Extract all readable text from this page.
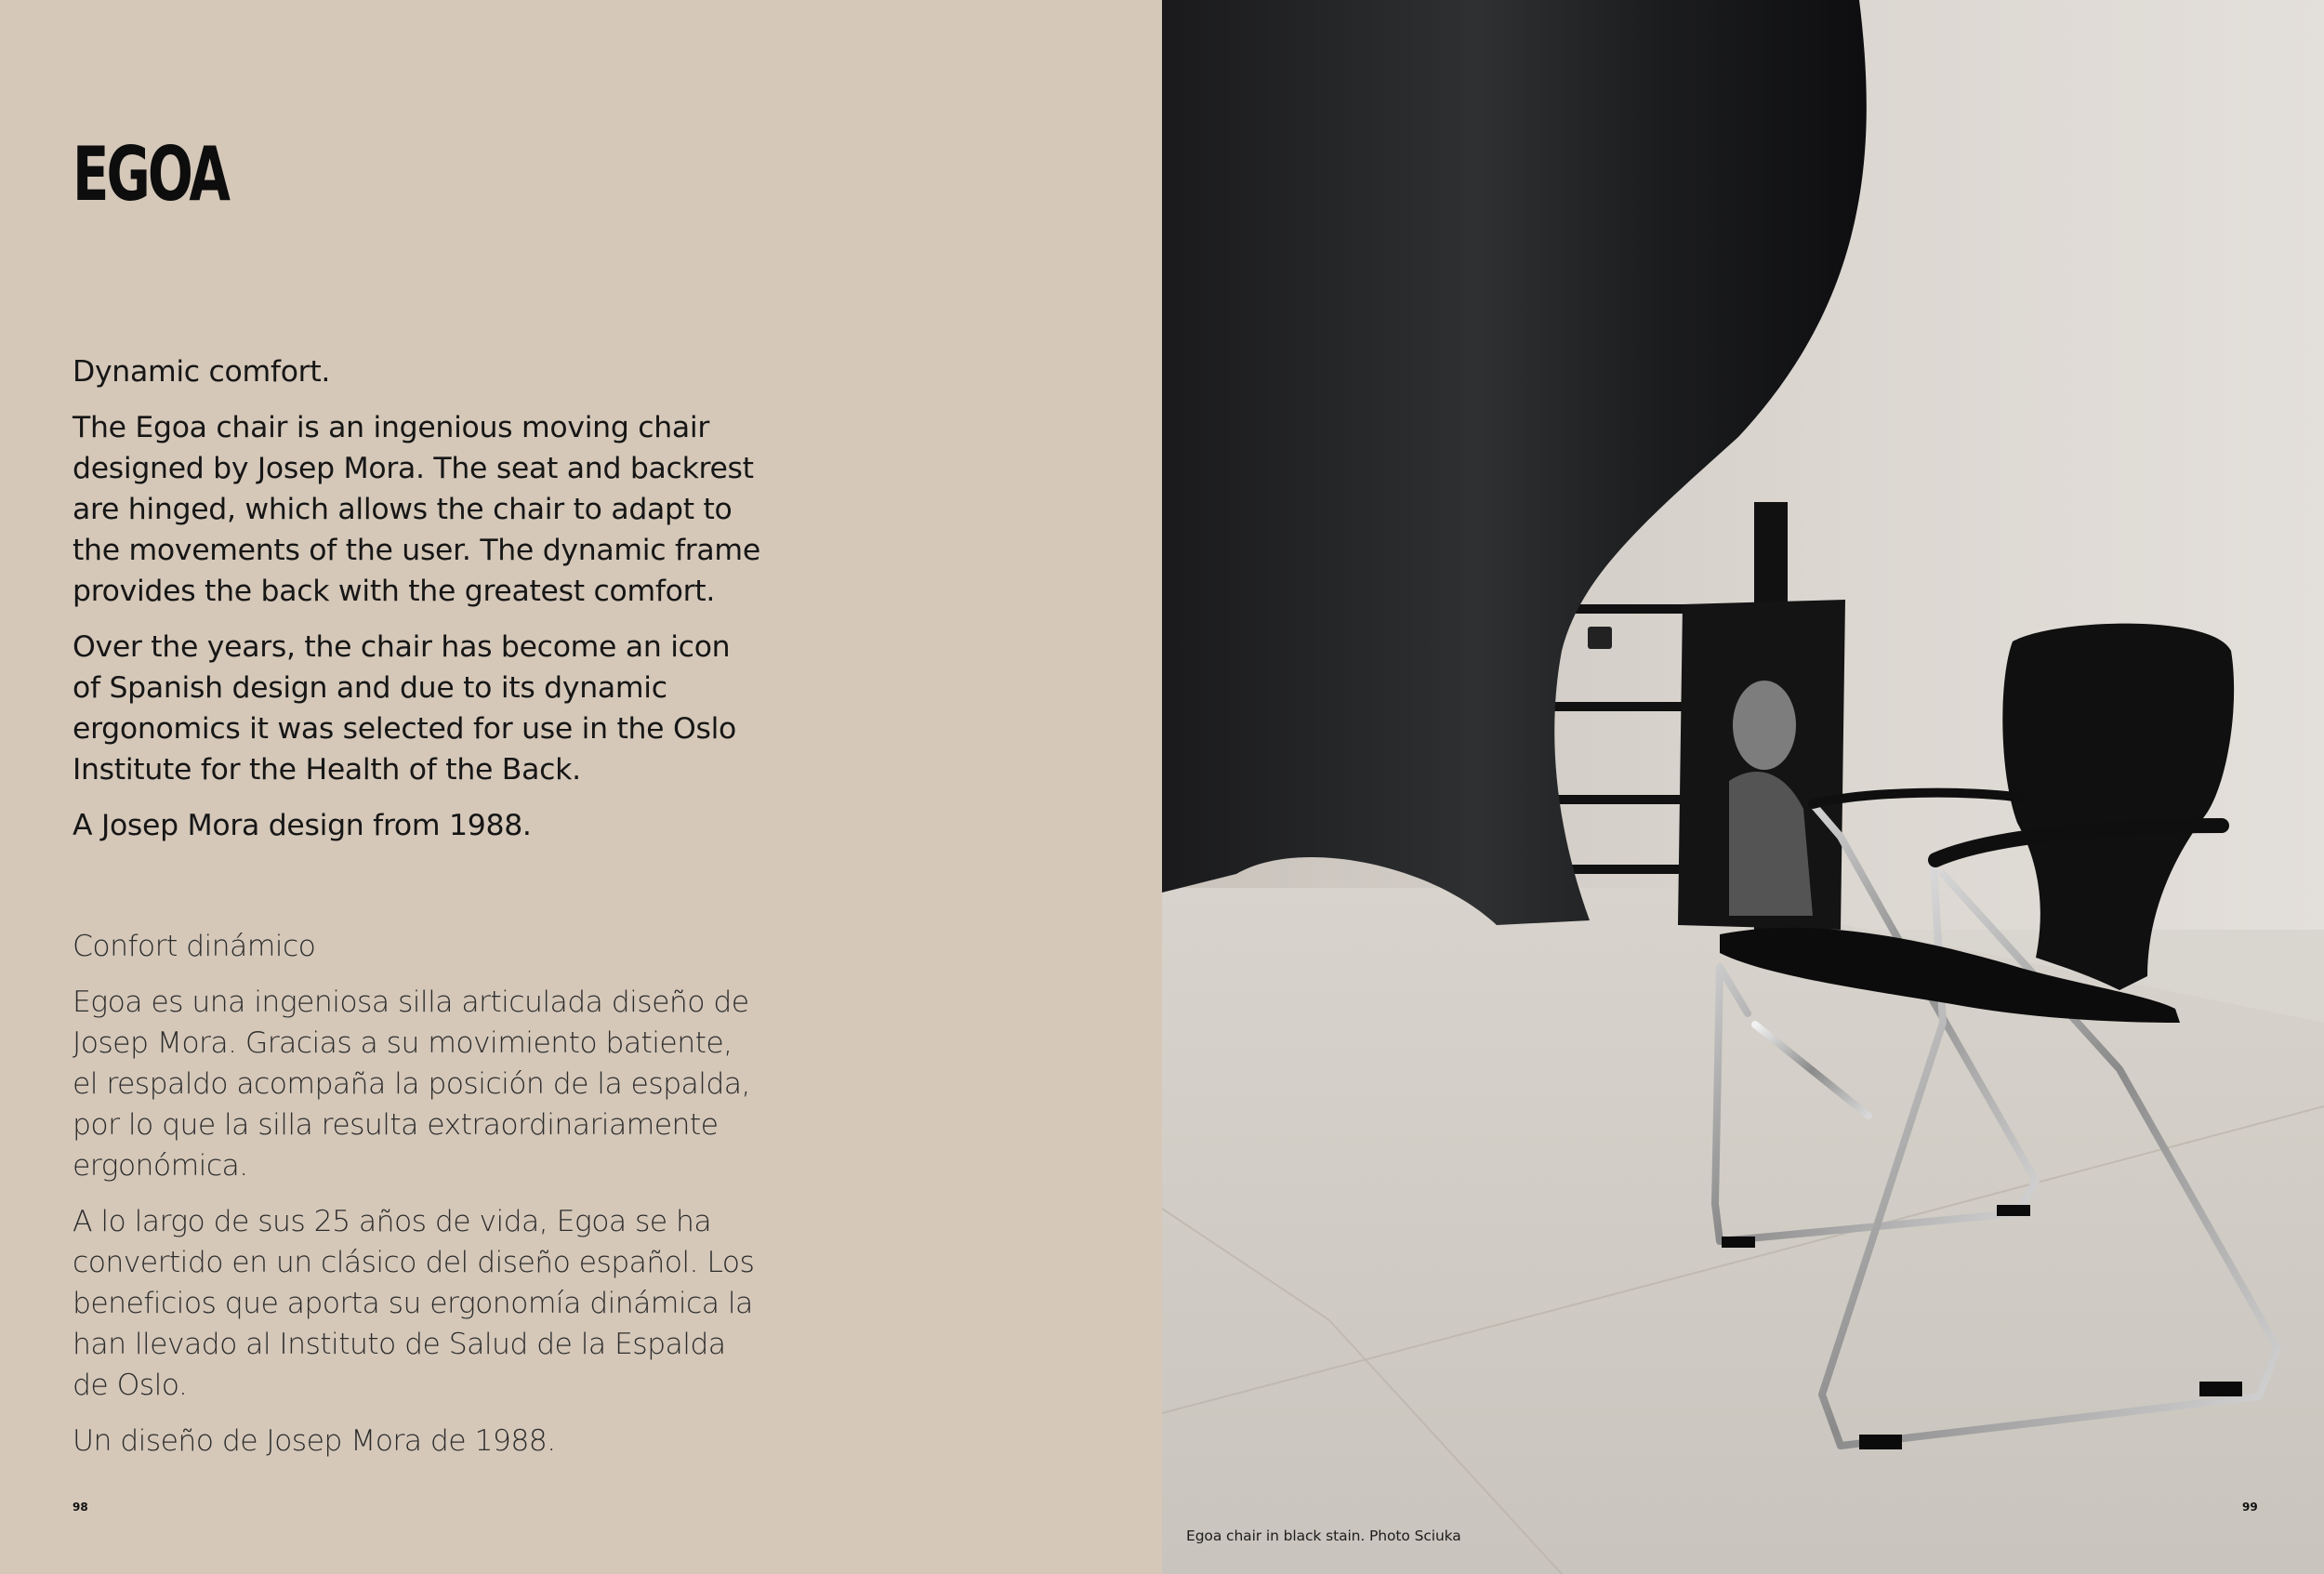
EGOA

Dynamic comfort.

The Egoa chair is an ingenious moving chair designed by Josep Mora. The seat and backrest are hinged, which allows the chair to adapt to the movements of the user. The dynamic frame provides the back with the greatest comfort.

Over the years, the chair has become an icon of Spanish design and due to its dynamic ergonomics it was selected for use in the Oslo Institute for the Health of the Back.

A Josep Mora design from 1988.

Confort dinámico

Egoa es una ingeniosa silla articulada diseño de Josep Mora. Gracias a su movimiento batiente, el respaldo acompaña la posición de la espalda, por lo que la silla resulta extraordinariamente ergonómica.

A lo largo de sus 25 años de vida, Egoa se ha convertido en un clásico del diseño español. Los beneficios que aporta su ergonomía dinámica la han llevado al Instituto de Salud de la Espalda de Oslo.

Un diseño de Josep Mora de 1988.

98
Egoa chair in black stain. Photo Sciuka
99
